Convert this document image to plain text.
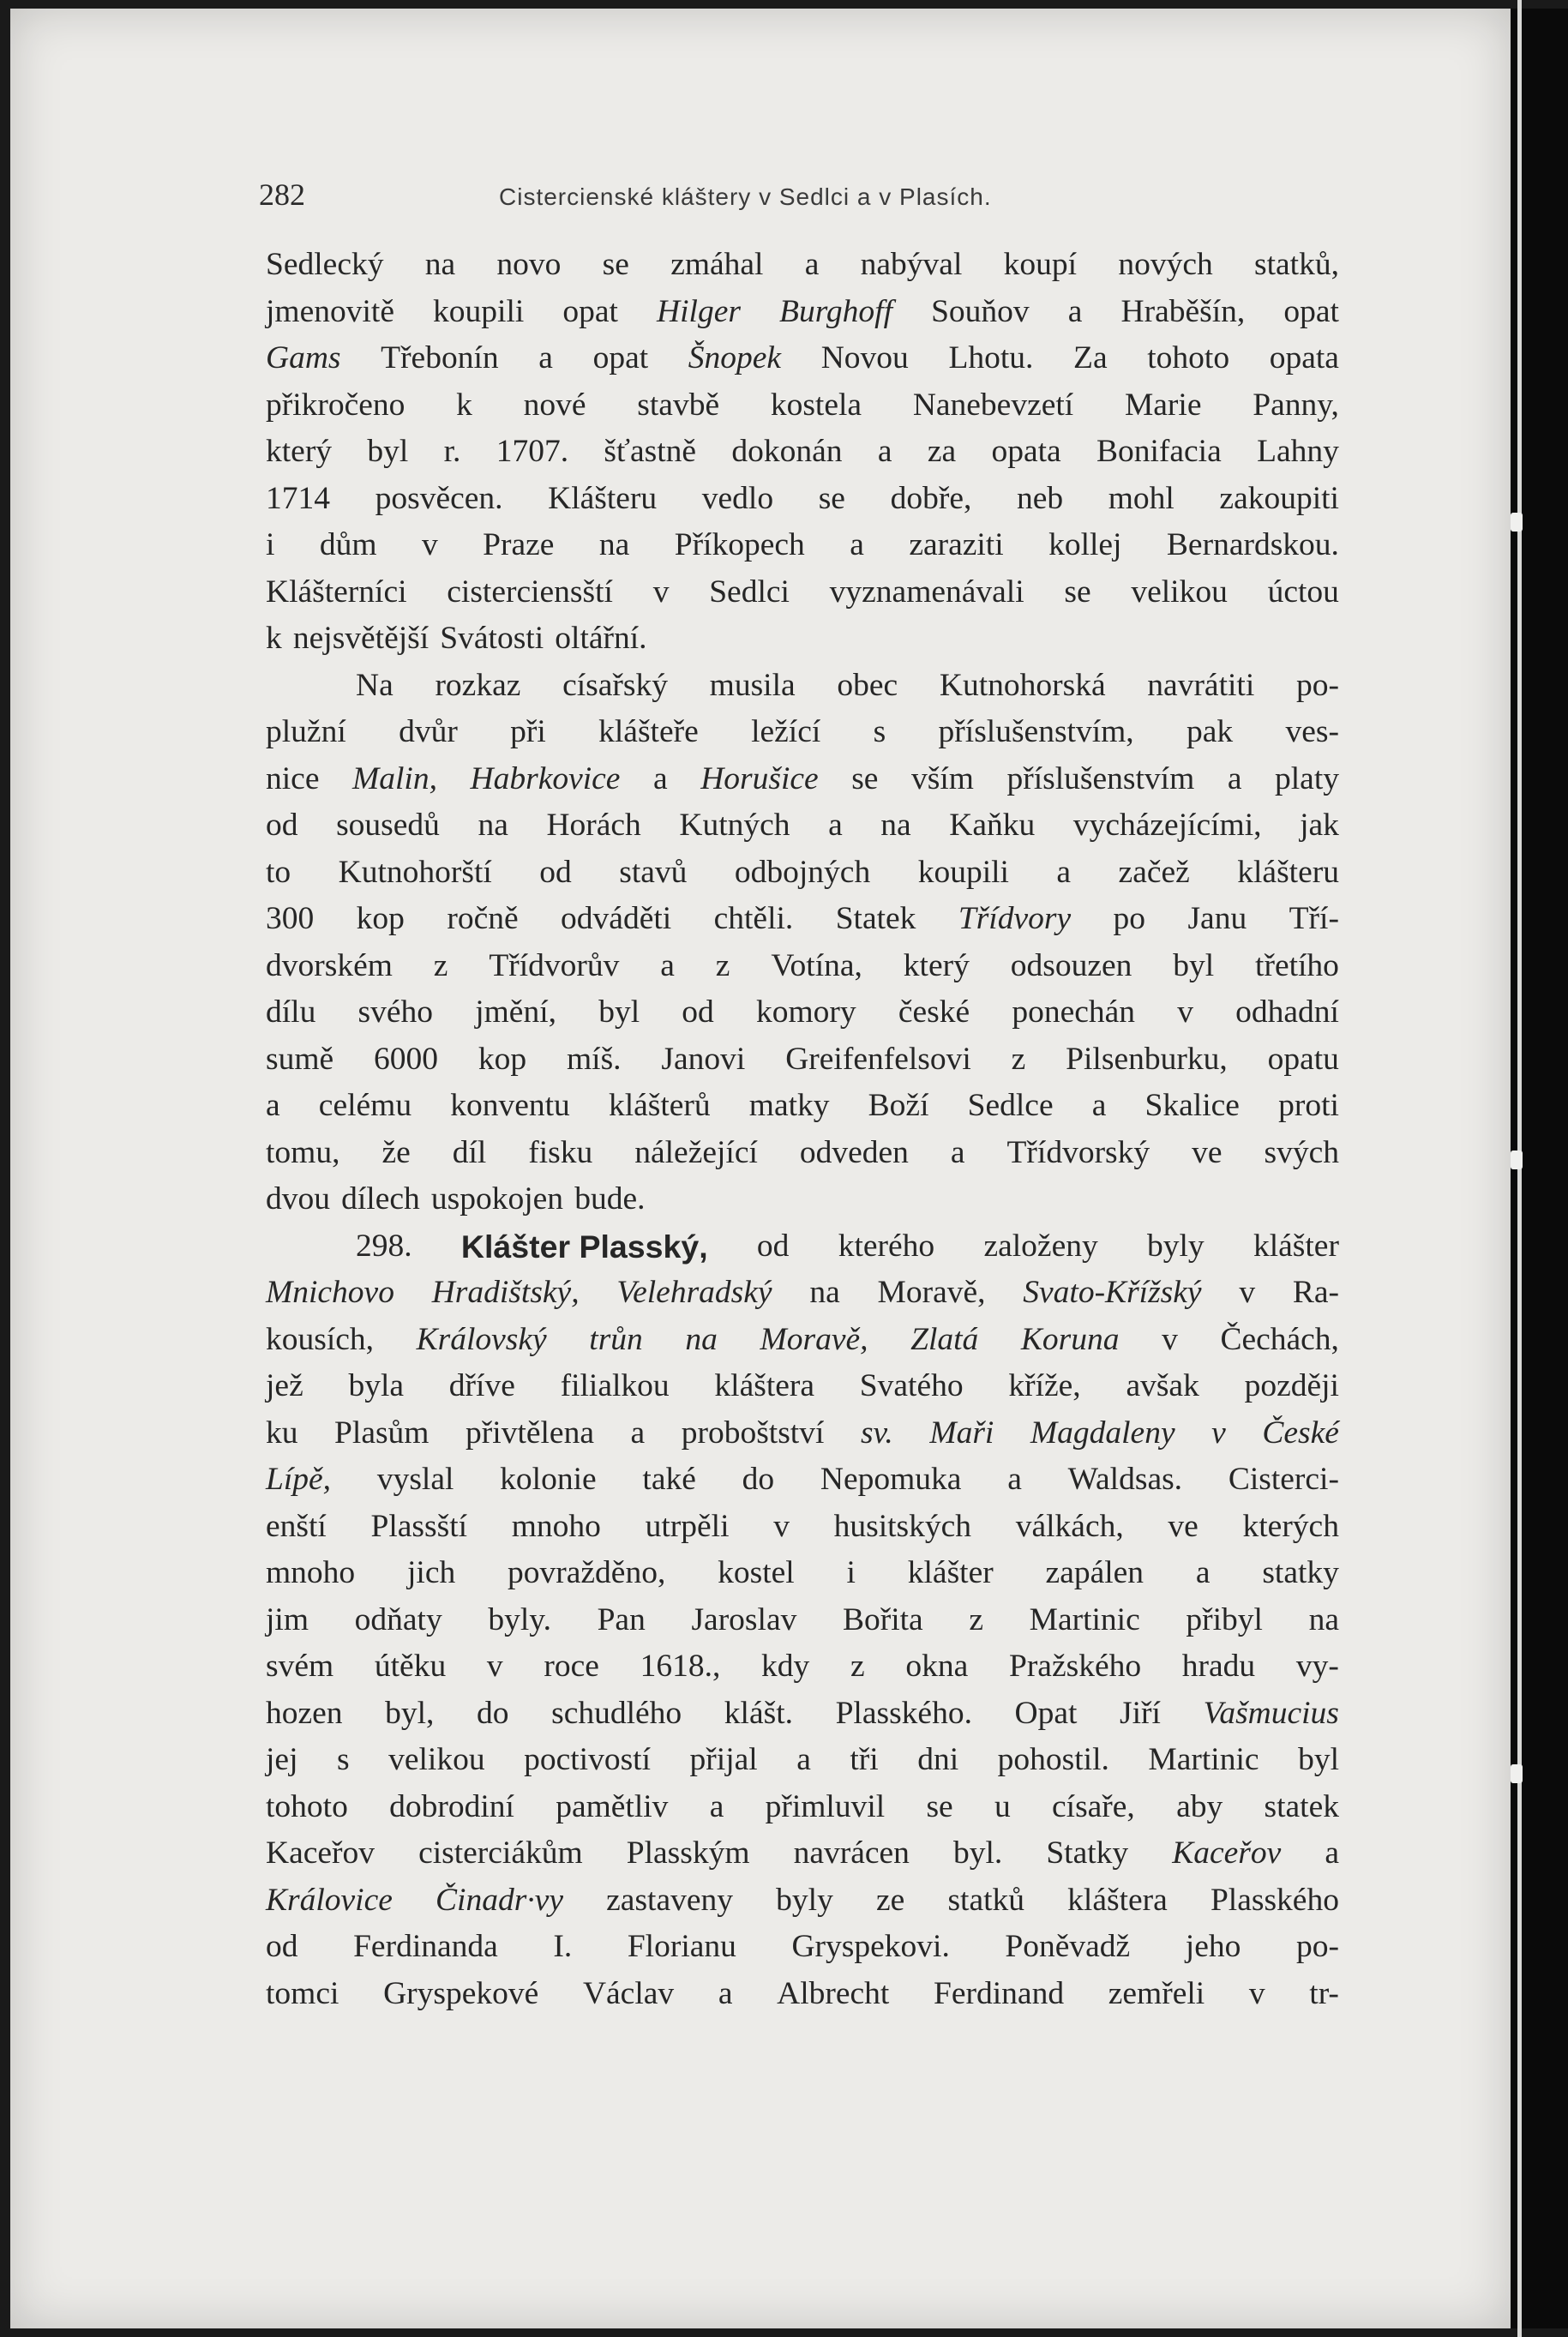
282	Cistercienské kláštery v Sedlci a v Plasích.
Sedlecký na novo se zmáhal a nabýval koupí nových statků,
jmenovitě koupili opat Hilger Burghoff Souňov a Hraběšín, opat
Gams Třebonín a opat Šnopek Novou Lhotu. Za tohoto opata
přikročeno k nové stavbě kostela Nanebevzetí Marie Panny,
který byl r. 1707. šťastně dokonán a za opata Bonifacia Lahny
1714 posvěcen. Klášteru vedlo se dobře, neb mohl zakoupiti
i dům v Praze na Příkopech a zaraziti kollej Bernardskou.
Klášterníci cisterciensští v Sedlci vyznamenávali se velikou úctou
k nejsvětější Svátosti oltářní.
Na rozkaz císařský musila obec Kutnohorská navrátiti po-
plužní dvůr při klášteře ležící s příslušenstvím, pak ves-
nice Malin, Habrkovice a Horušice se vším příslušenstvím a platy
od sousedů na Horách Kutných a na Kaňku vycházejícími, jak
to Kutnohorští od stavů odbojných koupili a začež klášteru
300 kop ročně odváděti chtěli. Statek Třídvory po Janu Tří-
dvorském z Třídvorův a z Votína, který odsouzen byl třetího
dílu svého jmění, byl od komory české ponechán v odhadní
sumě 6000 kop míš. Janovi Greifenfelsovi z Pilsenburku, opatu
a celému konventu klášterů matky Boží Sedlce a Skalice proti
tomu, že díl fisku náležející odveden a Třídvorský ve svých
dvou dílech uspokojen bude.
298. Klášter Plasský, od kterého založeny byly klášter
Mnichovo Hradištský, Velehradský na Moravě, Svato-Křížský v Ra-
kousích, Královský trůn na Moravě, Zlatá Koruna v Čechách,
jež byla dříve filialkou kláštera Svatého kříže, avšak později
ku Plasům přivtělena a proboštství sv. Maři Magdaleny v České
Lípě, vyslal kolonie také do Nepomuka a Waldsas. Cisterci-
enští Plassští mnoho utrpěli v husitských válkách, ve kterých
mnoho jich povražděno, kostel i klášter zapálen a statky
jim odňaty byly. Pan Jaroslav Bořita z Martinic přibyl na
svém útěku v roce 1618., kdy z okna Pražského hradu vy-
hozen byl, do schudlého klášt. Plasského. Opat Jiří Vašmucius
jej s velikou poctivostí přijal a tři dni pohostil. Martinic byl
tohoto dobrodiní pamětliv a přimluvil se u císaře, aby statek
Kaceřov cisterciákům Plasským navrácen byl. Statky Kaceřov a
Královice Činadr·vy zastaveny byly ze statků kláštera Plasského
od Ferdinanda I. Florianu Gryspekovi. Poněvadž jeho po-
tomci Gryspekové Václav a Albrecht Ferdinand zemřeli v tr-
